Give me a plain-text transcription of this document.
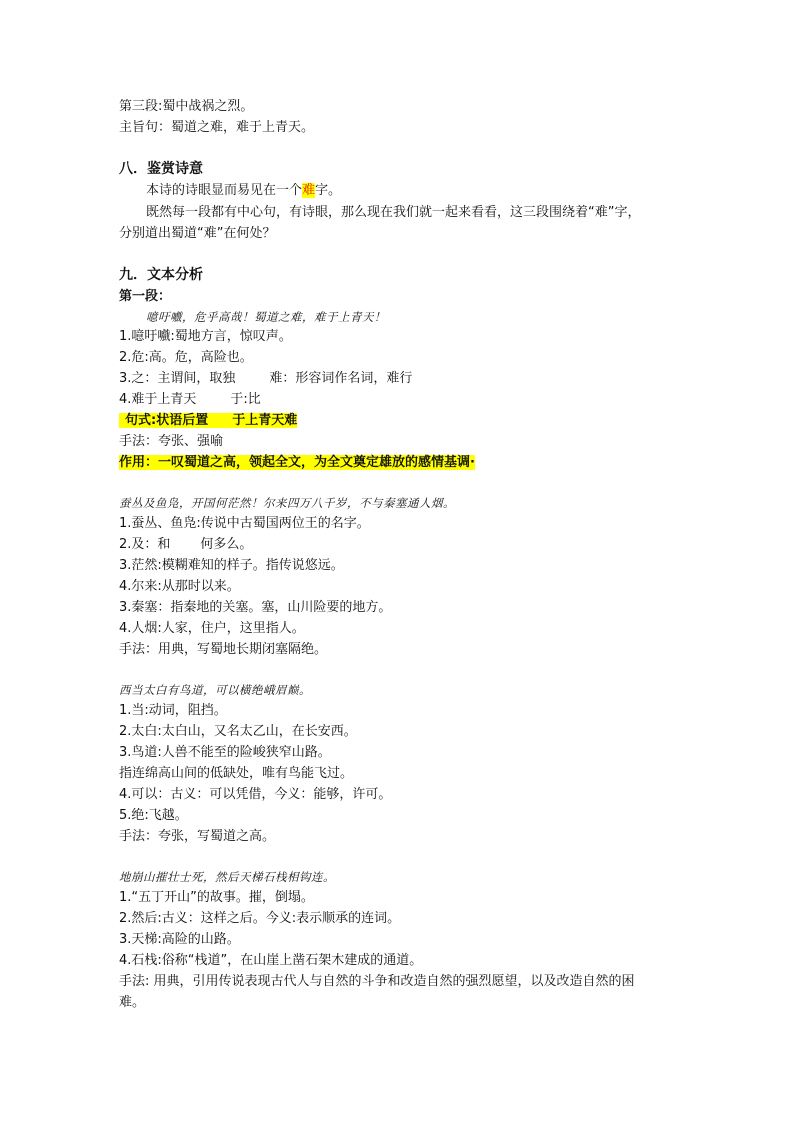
第三段:蜀中战祸之烈。
主旨句：蜀道之难，难于上青天。
八．鉴赏诗意
本诗的诗眼显而易见在一个难字。
既然每一段都有中心句，有诗眼，那么现在我们就一起来看看，这三段围绕着“难”字，
分别道出蜀道“难”在何处？
九．文本分析
第一段：
噫吁嚱，危乎高哉！蜀道之难，难于上青天！
1.噫吁嚱:蜀地方言，惊叹声。
2.危:高。危，高险也。
3.之：主谓间，取独	难：形容词作名词，难行
4.难于上青天	于:比
句式:状语后置 于上青天难
手法：夸张、强喻
作用：一叹蜀道之高，领起全文，为全文奠定雄放的感情基调·
蚕丛及鱼凫，开国何茫然！尔来四万八千岁，不与秦塞通人烟。
1.蚕丛、鱼凫:传说中古蜀国两位王的名字。
2.及：和 何多么。
3.茫然:模糊难知的样子。指传说悠远。
4.尔来:从那时以来。
3.秦塞：指秦地的关塞。塞，山川险要的地方。
4.人烟:人家，住户，这里指人。
手法：用典，写蜀地长期闭塞隔绝。
西当太白有鸟道，可以横绝峨眉巅。
1.当:动词，阻挡。
2.太白:太白山，又名太乙山，在长安西。
3.鸟道:人兽不能至的险峻狭窄山路。
指连绵高山间的低缺处，唯有鸟能飞过。
4.可以：古义：可以凭借，今义：能够，许可。
5.绝:飞越。
手法：夸张，写蜀道之高。
地崩山摧壮士死，然后天梯石栈相钩连。
1.“五丁开山”的故事。摧，倒塌。
2.然后:古义：这样之后。今义:表示顺承的连词。
3.天梯:高险的山路。
4.石栈:俗称“栈道”，在山崖上凿石架木建成的通道。
手法: 用典，引用传说表现古代人与自然的斗争和改造自然的强烈愿望，以及改造自然的困
难。
